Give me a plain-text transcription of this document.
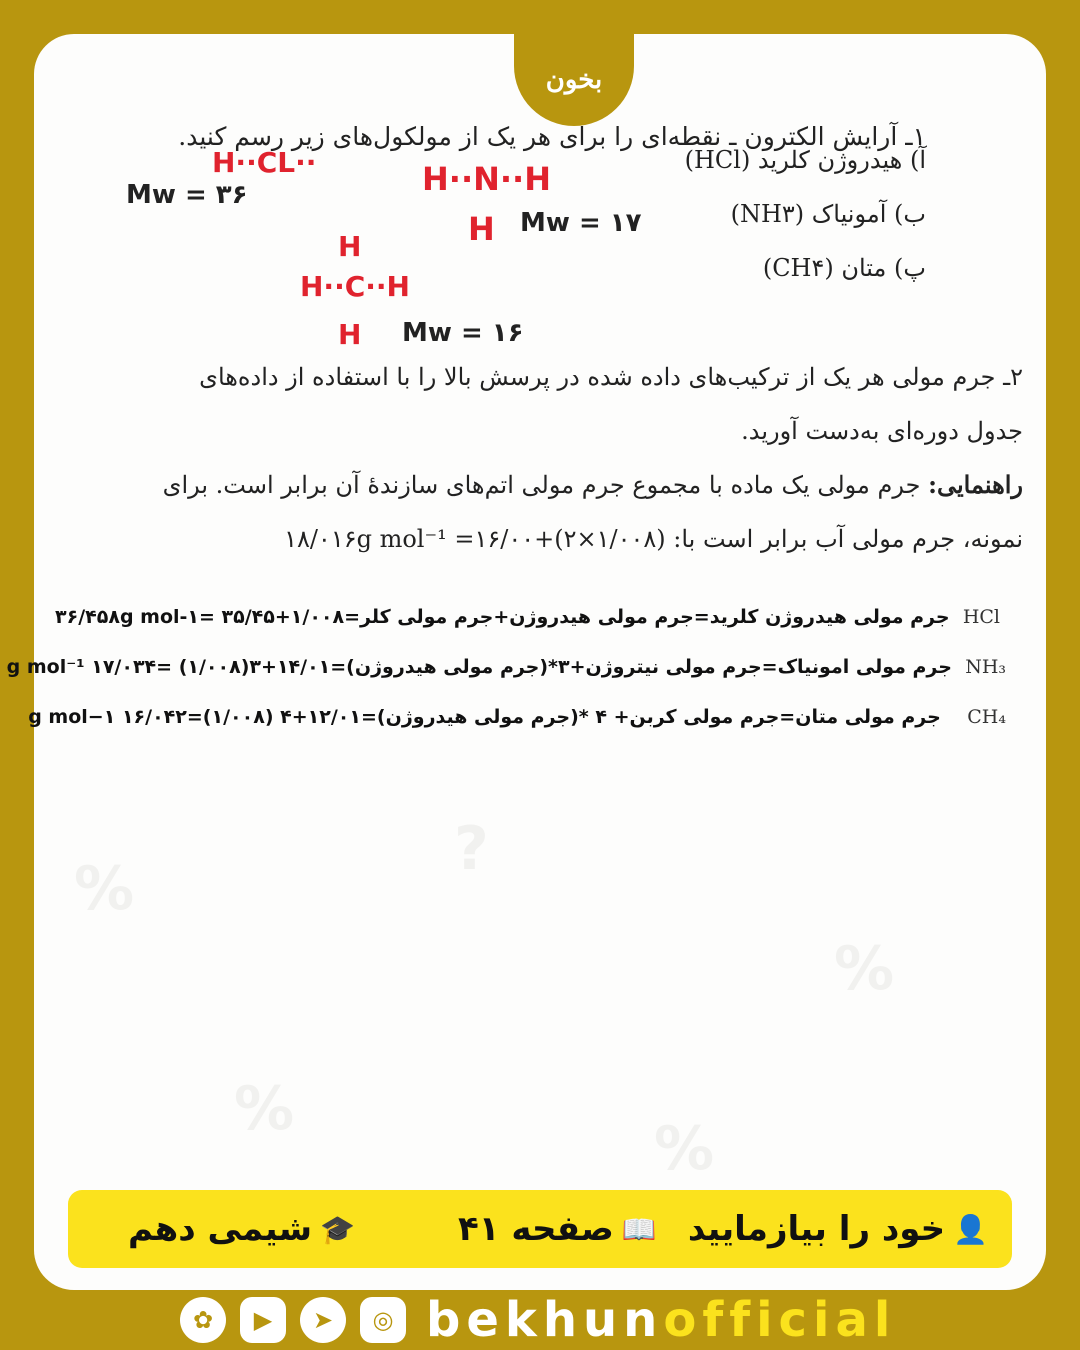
%
?
%
%
%
بخون
۱ـ آرایش الکترون ـ نقطه‌ای را برای هر یک از مولکول‌های زیر رسم کنید.
آ) هیدروژن کلرید (HCl)
ب) آمونیاک (NH۳)
پ) متان (CH۴)
H··CL··
Mw = ۳۶	H··N··H
H Mw = ۱۷
H
H··C··H
H Mw = ۱۶
۲ـ جرم مولی هر یک از ترکیب‌های داده شده در پرسش بالا را با استفاده از داده‌های
جدول دوره‌ای به‌دست آورید.
راهنمایی: جرم مولی یک ماده با مجموع جرم مولی اتم‌های سازندۀ آن برابر است. برای
نمونه، جرم مولی آب برابر است با: ۱۸/۰۱۶g mol⁻¹ =۱۶/۰۰+(۲×۱/۰۰۸)
HCl  جرم مولی هیدروژن کلرید=جرم مولی هیدروژن+جرم مولی کلر=۱/۰۰۸+۳۵/۴۵ =۳۶/۴۵۸g mol-۱
NH₃  جرم مولی امونیاک=جرم مولی نیتروژن+۳*(جرم مولی هیدروژن)=۱۴/۰۱+۳(۱/۰۰۸) =۱۷/۰۳۴ g mol⁻¹
CH₄    جرم مولی متان=جرم مولی کربن+ ۴ *(جرم مولی هیدروژن)=۱۲/۰۱+۴ (۱/۰۰۸)=۱۶/۰۴۲ g mol−۱
👤
خود را بیازمایید
📖
صفحه ۴۱
🎓
شیمی دهم
✿	▶	➤	◎ bekhunofficial
